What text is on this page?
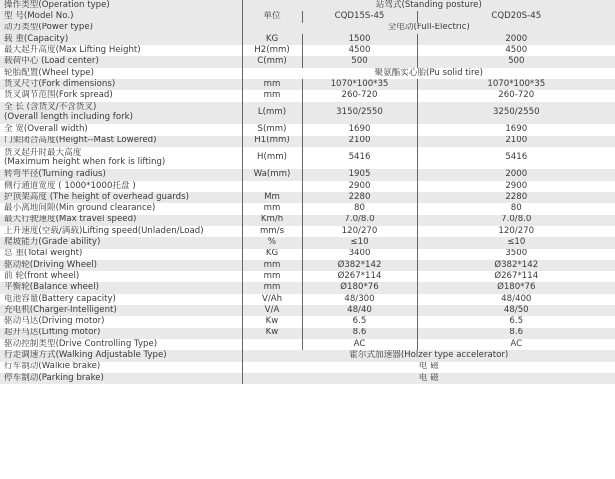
操作类型(Operation type)	站驾式(Standing posture)		
型 号(Model No.)	单位	CQD15S-45	CQD20S-45
动力类型(Power type)	全电动(Full-Electric)		
载 重(Capacity)	KG	1500	2000
最大起升高度(Max Lifting Height)	H2(mm)	4500	4500
载荷中心 (Load center)	C(mm)	500	500
轮胎配置(Wheel type)	聚氨酯实心胎(Pu solid tire)		
货叉尺寸(Fork dimensions)	mm	1070*100*35	1070*100*35
货叉调节范围(Fork spread)	mm	260-720	260-720
全 长 (含货叉/不含货叉)
(Overall length including fork)	L(mm)	3150/2550	3250/2550
全 宽(Overall width)	S(mm)	1690	1690
门架闭合高度(Height--Mast Lowered)	H1(mm)	2100	2100
货叉起升时最大高度
(Maximum height when fork is lifting)	H(mm)	5416	5416
转弯半径(Turning radius)	Wa(mm)	1905	2000
侧行通道宽度 ( 1000*1000托盘 )		2900	2900
护顶架高度 (The height of overhead guards)	Mm	2280	2280
最小离地间隙(Min ground clearance)	mm	80	80
最大行驶速度(Max travel speed)	Km/h	7.0/8.0	7.0/8.0
上升速度(空载/满载)Lifting speed(Unladen/Load)	mm/s	120/270	120/270
爬坡能力(Grade ability)	%	≤10	≤10
总 重(Total weight)	KG	3400	3500
驱动轮(Driving Wheel)	mm	Ø382*142	Ø382*142
前 轮(front wheel)	mm	Ø267*114	Ø267*114
平衡轮(Balance wheel)	mm	Ø180*76	Ø180*76
电池容量(Battery capacity)	V/Ah	48/300	48/400
充电机(Charger-Intelligent)	V/A	48/40	48/50
驱动马达(Driving motor)	Kw	6.5	6.5
起升马达(Lifting motor)	Kw	8.6	8.6
驱动控制类型(Drive Controlling Type)		AC	AC
行走调速方式(Walking Adjustable Type)	霍尔式加速器(Holzer type accelerator)		
行车制动(Walkie brake)	电 磁		
停车制动(Parking brake)	电 磁		
